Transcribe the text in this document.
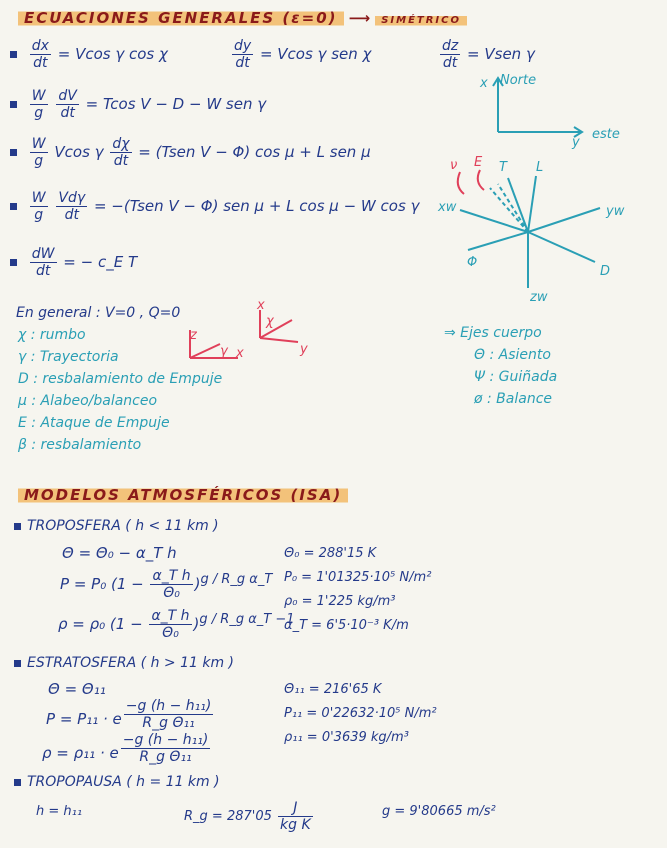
ECUACIONES GENERALES (ε=0) ⟶ SIMÉTRICO

$\frac{dx}{dt} = Vcos$ γ cos χ	$\frac{dy}{dt} = Vcos$ γ sen χ	$\frac{dz}{dt}$ = Vsen γ

$\frac{W}{g}$
$\frac{dV}{dt} = Tcos$ V − D − W sen γ

$\frac{W}{g}$ Vcos γ $\frac{d\chi}{dt}$ = (Tsen V − Φ) cos μ + L sen μ

$\frac{W}{g}$
$\frac{\text{Vdγ}}{dt}$ = −(Tsen V − Φ) sen μ + L cos μ − W cos γ

$\frac{dW}{dt}$ = − c_E T
x Norte
y
este
ν E T L
xw	yw
Φ
D
zw
En general : V=0 , Q=0
χ : rumbo
γ : Trayectoria
D : resbalamiento de Empuje
μ : Alabeo/balanceo
E : Ataque de Empuje
β : resbalamiento
z
x
x
χ
γ	y
⇒ Ejes cuerpo
Θ : Asiento
Ψ : Guiñada
ø : Balance
MODELOS ATMOSFÉRICOS (ISA)
TROPOSFERA ( h < 11 km )
Θ = Θ₀ − α_T h
P = P₀ $(1 - \frac{\text{α\_T h}}{\text{Θ₀}} )^{g / R\_g \alpha\_T}$
ρ = ρ₀ $(1 - \frac{\text{α\_T h}}{\text{Θ₀}} )^{g / R\_g \alpha\_T -1}$
Θ₀ = 288'15 K
P₀ = 1'01325·10⁵ N/m²
ρ₀ = 1'225 kg/m³
α_T = 6'5·10⁻³ K/m
ESTRATOSFERA ( h > 11 km )
Θ = Θ₁₁
P = P₁₁ · e $^{\frac{\text{−g (h − h₁₁)}}{\text{R\_g Θ₁₁}}}$
ρ = ρ₁₁ · e $^{\frac{\text{−g (h − h₁₁)}}{\text{R\_g Θ₁₁}}}$
Θ₁₁ = 216'65 K
P₁₁ = 0'22632·10⁵ N/m²
ρ₁₁ = 0'3639 kg/m³
TROPOPAUSA ( h = 11 km )
h = h₁₁	R_g = $287'05 \frac{J}{\text{kg K}}$	g = 9'80665 m/s²
